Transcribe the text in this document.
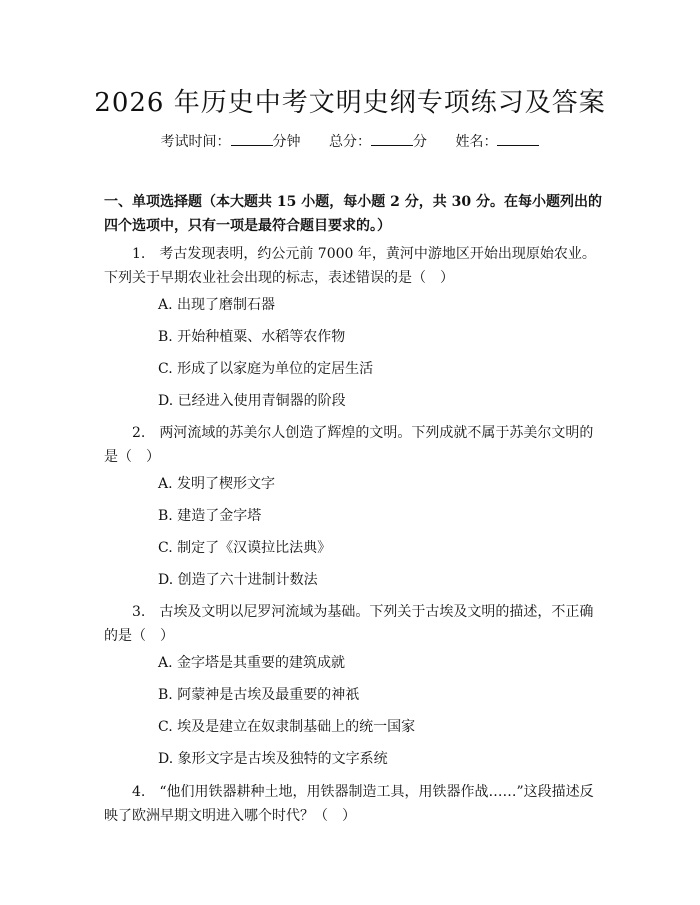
2026 年历史中考文明史纲专项练习及答案
考试时间：	分钟 总分：	分 姓名：

一、单项选择题（本大题共 15 小题，每小题 2 分，共 30 分。在每小题列出的四个选项中，只有一项是最符合题目要求的。）

1.　考古发现表明，约公元前 7000 年，黄河中游地区开始出现原始农业。下列关于早期农业社会出现的标志，表述错误的是（　）

A. 出现了磨制石器

B. 开始种植粟、水稻等农作物

C. 形成了以家庭为单位的定居生活

D. 已经进入使用青铜器的阶段

2.　两河流域的苏美尔人创造了辉煌的文明。下列成就不属于苏美尔文明的是（　）

A. 发明了楔形文字

B. 建造了金字塔

C. 制定了《汉谟拉比法典》

D. 创造了六十进制计数法

3.　古埃及文明以尼罗河流域为基础。下列关于古埃及文明的描述，不正确的是（　）

A. 金字塔是其重要的建筑成就

B. 阿蒙神是古埃及最重要的神祇

C. 埃及是建立在奴隶制基础上的统一国家

D. 象形文字是古埃及独特的文字系统

4.　“他们用铁器耕种土地，用铁器制造工具，用铁器作战……”这段描述反映了欧洲早期文明进入哪个时代？（　）
